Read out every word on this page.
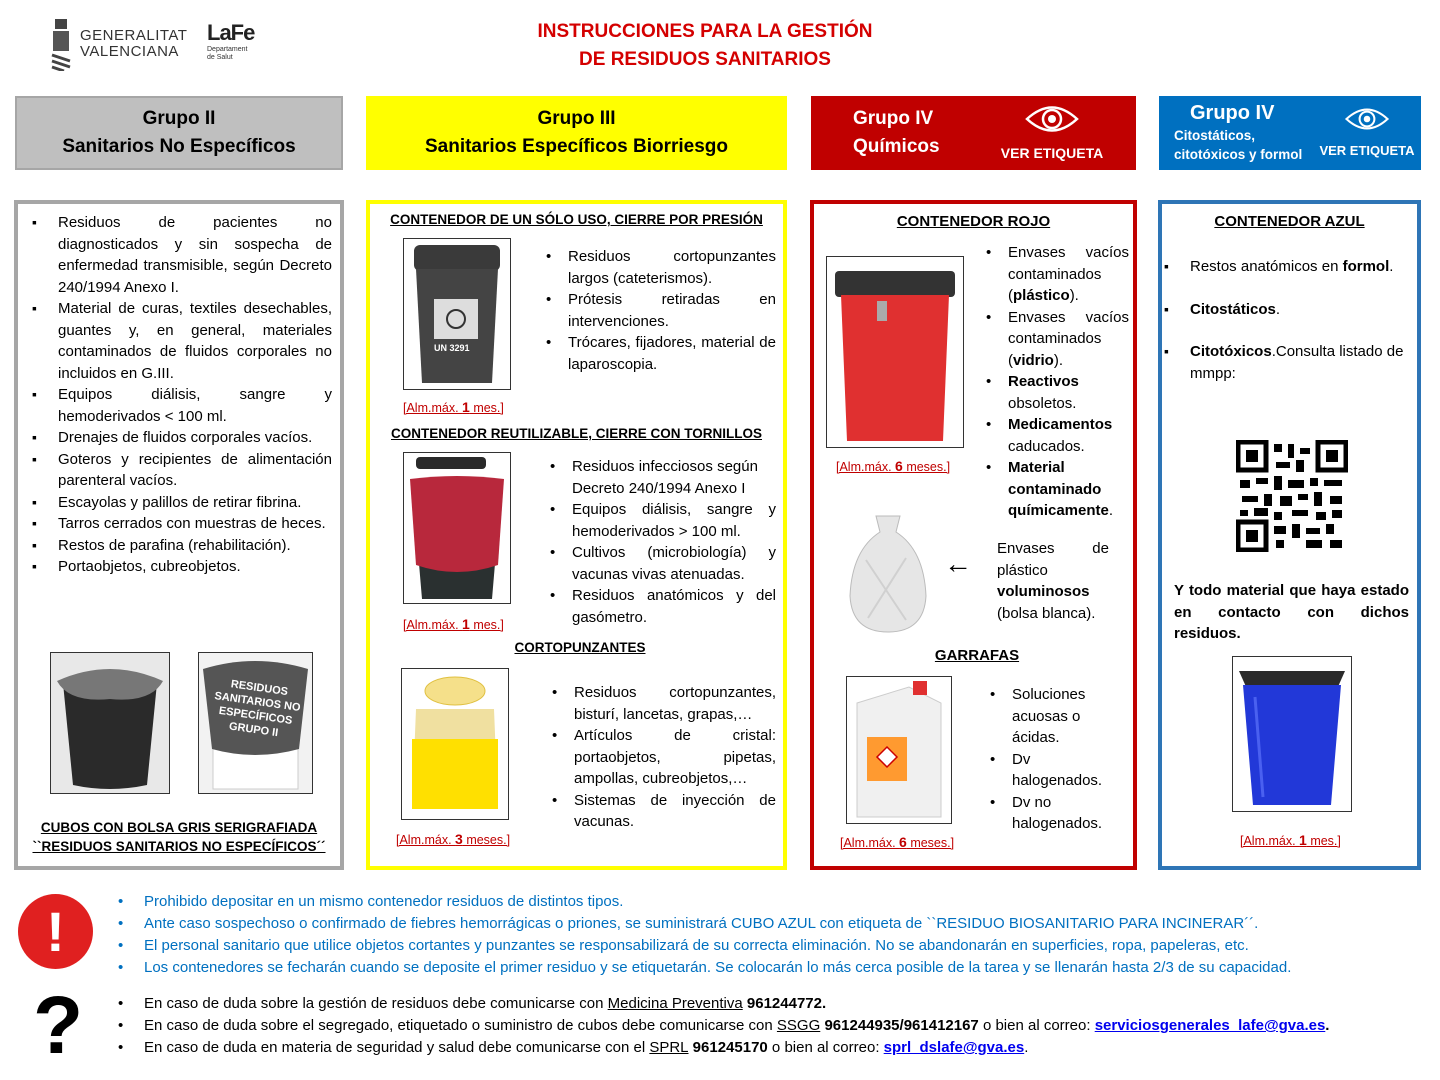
GENERALITAT
VALENCIANA
LaFe
Departament
de Salut
INSTRUCCIONES PARA LA GESTIÓN
DE RESIDUOS SANITARIOS
Grupo II
Sanitarios No Específicos
Grupo III
Sanitarios Específicos Biorriesgo
Grupo IV
Químicos	VER ETIQUETA
Grupo IV
Citostáticos,
citotóxicos y formol VER ETIQUETA
▪ Residuos de pacientes no diagnosticados y sin sospecha de enfermedad transmisible, según Decreto 240/1994 Anexo I.
▪ Material de curas, textiles desechables, guantes y, en general, materiales contaminados de fluidos corporales no incluidos en G.III.
▪ Equipos diálisis, sangre y hemoderivados < 100 ml.
▪ Drenajes de fluidos corporales vacíos.
▪ Goteros y recipientes de alimentación parenteral vacíos.
▪ Escayolas y palillos de retirar fibrina.
▪ Tarros cerrados con muestras de heces.
▪ Restos de parafina (rehabilitación).
▪ Portaobjetos, cubreobjetos.
RESIDUOS SANITARIOS NO ESPECÍFICOS GRUPO II
CUBOS CON BOLSA GRIS SERIGRAFIADA
``RESIDUOS SANITARIOS NO ESPECÍFICOS´´
CONTENEDOR DE UN SÓLO USO, CIERRE POR PRESIÓN
UN 3291
• Residuos cortopunzantes largos (cateterismos).
• Prótesis retiradas en intervenciones.
• Trócares, fijadores, material de laparoscopia.
[Alm.máx. 1 mes.]
CONTENEDOR REUTILIZABLE, CIERRE CON TORNILLOS
• Residuos infecciosos según Decreto 240/1994 Anexo I
• Equipos diálisis, sangre y hemoderivados > 100 ml.
• Cultivos (microbiología) y vacunas vivas atenuadas.
• Residuos anatómicos y del gasómetro.
[Alm.máx. 1 mes.]
CORTOPUNZANTES
• Residuos cortopunzantes, bisturí, lancetas, grapas,…
• Artículos de cristal: portaobjetos, pipetas, ampollas, cubreobjetos,…
• Sistemas de inyección de vacunas.
[Alm.máx. 3 meses.]
CONTENEDOR ROJO
• Envases vacíos contaminados (plástico).
• Envases vacíos contaminados (vidrio).
• Reactivos obsoletos.
• Medicamentos caducados.
• Material contaminado químicamente.
[Alm.máx. 6 meses.]
← Envases de plástico voluminosos (bolsa blanca).
GARRAFAS
• Soluciones acuosas o ácidas.
• Dv halogenados.
• Dv no halogenados.
[Alm.máx. 6 meses.]
CONTENEDOR AZUL
▪ Restos anatómicos en formol.
▪ Citostáticos.
▪ Citotóxicos.Consulta listado de mmpp:
Y todo material que haya estado en contacto con dichos residuos.
[Alm.máx. 1 mes.]
!	• Prohibido depositar en un mismo contenedor residuos de distintos tipos.
• Ante caso sospechoso o confirmado de fiebres hemorrágicas o priones, se suministrará CUBO AZUL con etiqueta de ``RESIDUO BIOSANITARIO PARA INCINERAR´´.
• El personal sanitario que utilice objetos cortantes y punzantes se responsabilizará de su correcta eliminación. No se abandonarán en superficies, ropa, papeleras, etc.
• Los contenedores se fecharán cuando se deposite el primer residuo y se etiquetarán. Se colocarán lo más cerca posible de la tarea y se llenarán hasta 2/3 de su capacidad.
?	• En caso de duda sobre la gestión de residuos debe comunicarse con Medicina Preventiva 961244772.
• En caso de duda sobre el segregado, etiquetado o suministro de cubos debe comunicarse con SSGG 961244935/961412167 o bien al correo: serviciosgenerales_lafe@gva.es.
• En caso de duda en materia de seguridad y salud debe comunicarse con el SPRL 961245170 o bien al correo: sprl_dslafe@gva.es.
